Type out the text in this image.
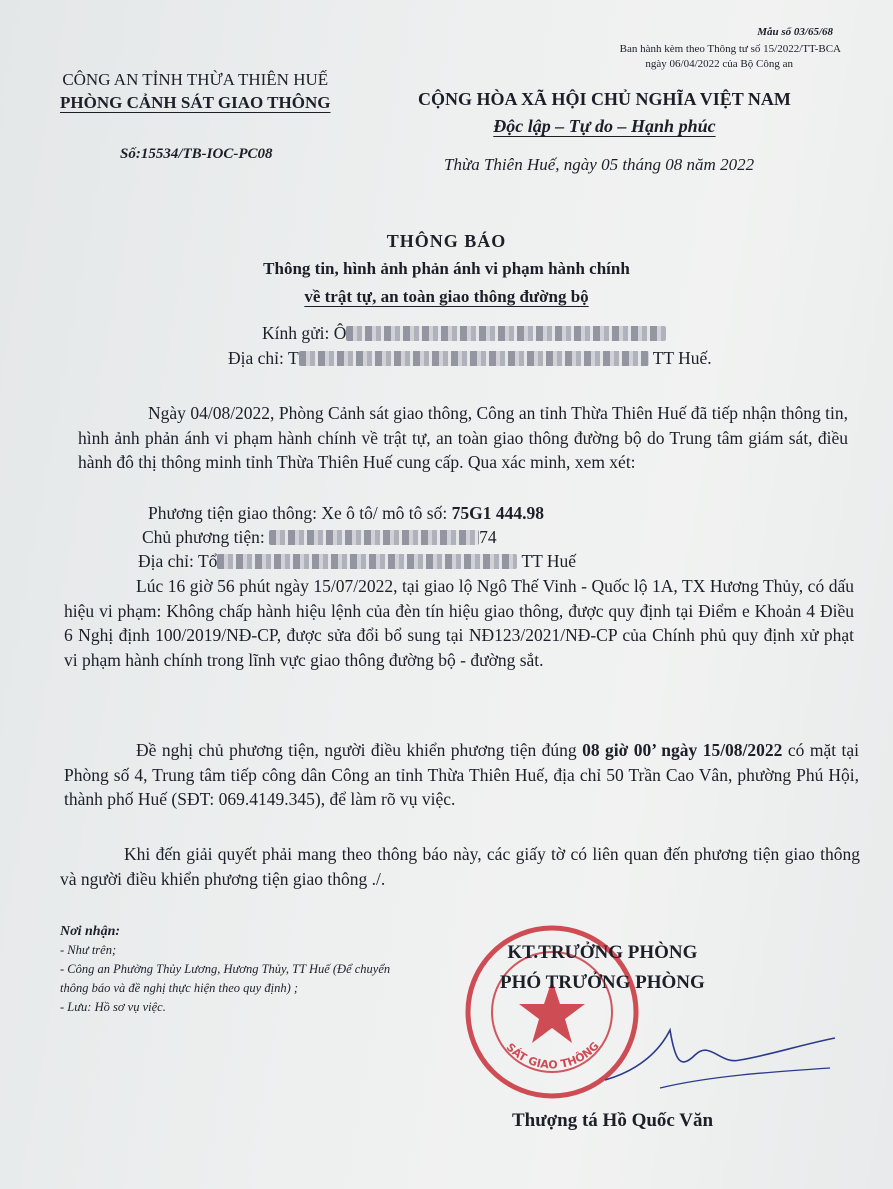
Mẫu số 03/65/68
Ban hành kèm theo Thông tư số 15/2022/TT-BCA
ngày 06/04/2022 của Bộ Công an
CÔNG AN TỈNH THỪA THIÊN HUẾ
PHÒNG CẢNH SÁT GIAO THÔNG	CỘNG HÒA XÃ HỘI CHỦ NGHĨA VIỆT NAM
Độc lập – Tự do – Hạnh phúc
Số:15534/TB-IOC-PC08
Thừa Thiên Huế, ngày 05 tháng 08 năm 2022
THÔNG BÁO
Thông tin, hình ảnh phản ánh vi phạm hành chính
về trật tự, an toàn giao thông đường bộ
Kính gửi: Ô
Địa chỉ: T	TT Huế.
Ngày 04/08/2022, Phòng Cảnh sát giao thông, Công an tỉnh Thừa Thiên Huế đã tiếp nhận thông tin, hình ảnh phản ánh vi phạm hành chính về trật tự, an toàn giao thông đường bộ do Trung tâm giám sát, điều hành đô thị thông minh tỉnh Thừa Thiên Huế cung cấp. Qua xác minh, xem xét:
Phương tiện giao thông: Xe ô tô/ mô tô số: 75G1 444.98
Chủ phương tiện:	74
Địa chỉ: Tổ	TT Huế
Lúc 16 giờ 56 phút ngày 15/07/2022, tại giao lộ Ngô Thế Vinh - Quốc lộ 1A, TX Hương Thủy, có dấu hiệu vi phạm: Không chấp hành hiệu lệnh của đèn tín hiệu giao thông, được quy định tại Điểm e Khoản 4 Điều 6 Nghị định 100/2019/NĐ-CP, được sửa đổi bổ sung tại NĐ123/2021/NĐ-CP của Chính phủ quy định xử phạt vi phạm hành chính trong lĩnh vực giao thông đường bộ - đường sắt.
Đề nghị chủ phương tiện, người điều khiển phương tiện đúng 08 giờ 00’ ngày 15/08/2022 có mặt tại Phòng số 4, Trung tâm tiếp công dân Công an tỉnh Thừa Thiên Huế, địa chỉ 50 Trần Cao Vân, phường Phú Hội, thành phố Huế (SĐT: 069.4149.345), để làm rõ vụ việc.
Khi đến giải quyết phải mang theo thông báo này, các giấy tờ có liên quan đến phương tiện giao thông và người điều khiển phương tiện giao thông ./.
Nơi nhận:
- Như trên;
- Công an Phường Thủy Lương, Hương Thủy, TT Huế (Để chuyển thông báo và đề nghị thực hiện theo quy định) ;
- Lưu: Hồ sơ vụ việc.
SÁT GIAO THÔNG
KT.TRƯỞNG PHÒNG
PHÓ TRƯỞNG PHÒNG
Thượng tá Hồ Quốc Văn
